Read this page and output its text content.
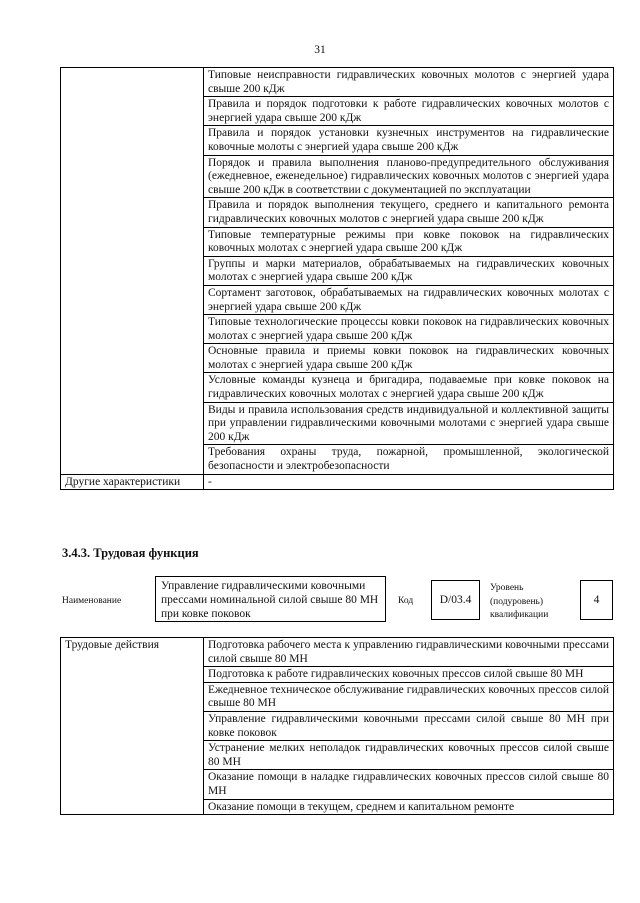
31
	Типовые неисправности гидравлических ковочных молотов с энергией удара свыше 200 кДж
	Правила и порядок подготовки к работе гидравлических ковочных молотов с энергией удара свыше 200 кДж
	Правила и порядок установки кузнечных инструментов на гидравлические ковочные молоты с энергией удара свыше 200 кДж
	Порядок и правила выполнения планово-предупредительного обслуживания (ежедневное, еженедельное) гидравлических ковочных молотов с энергией удара свыше 200 кДж в соответствии с документацией по эксплуатации
	Правила и порядок выполнения текущего, среднего и капитального ремонта гидравлических ковочных молотов с энергией удара свыше 200 кДж
	Типовые температурные режимы при ковке поковок на гидравлических ковочных молотах с энергией удара свыше 200 кДж
	Группы и марки материалов, обрабатываемых на гидравлических ковочных молотах с энергией удара свыше 200 кДж
	Сортамент заготовок, обрабатываемых на гидравлических ковочных молотах с энергией удара свыше 200 кДж
	Типовые технологические процессы ковки поковок на гидравлических ковочных молотах с энергией удара свыше 200 кДж
	Основные правила и приемы ковки поковок на гидравлических ковочных молотах с энергией удара свыше 200 кДж
	Условные команды кузнеца и бригадира, подаваемые при ковке поковок на гидравлических ковочных молотах с энергией удара свыше 200 кДж
	Виды и правила использования средств индивидуальной и коллективной защиты при управлении гидравлическими ковочными молотами с энергией удара свыше 200 кДж
	Требования охраны труда, пожарной, промышленной, экологической безопасности и электробезопасности
Другие характеристики	-
3.4.3. Трудовая функция
Наименование
Управление гидравлическими ковочными прессами номинальной силой свыше 80 МН при ковке поковок
Код	D/03.4
Уровень
(подуровень)
квалификации
4
Трудовые действия	Подготовка рабочего места к управлению гидравлическими ковочными прессами силой свыше 80 МН
Подготовка к работе гидравлических ковочных прессов силой свыше 80 МН
Ежедневное техническое обслуживание гидравлических ковочных прессов силой свыше 80 МН
Управление гидравлическими ковочными прессами силой свыше 80 МН при ковке поковок
Устранение мелких неполадок гидравлических ковочных прессов силой свыше 80 МН
Оказание помощи в наладке гидравлических ковочных прессов силой свыше 80 МН
Оказание помощи в текущем, среднем и капитальном ремонте
